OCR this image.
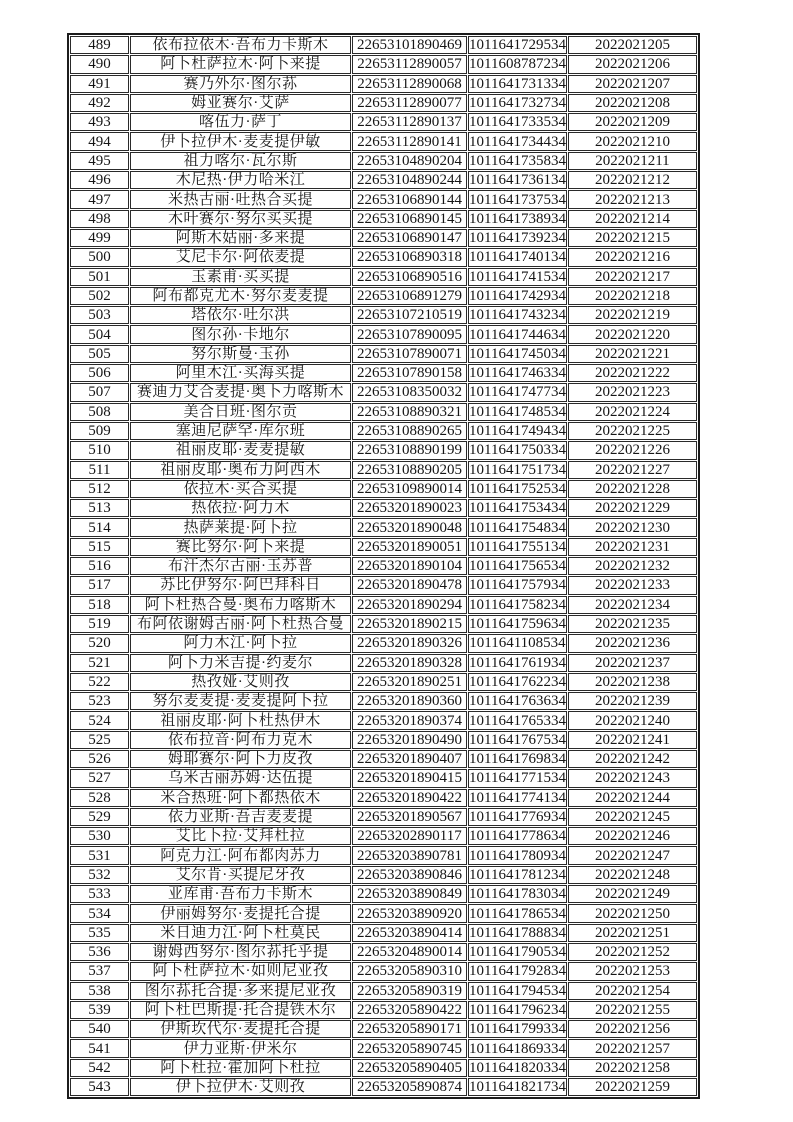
489	依布拉依木·吾布力卡斯木	22653101890469	1011641729534	2022021205
490	阿卜杜萨拉木·阿卜来提	22653112890057	1011608787234	2022021206
491	赛乃外尔·图尔荪	22653112890068	1011641731334	2022021207
492	姆亚赛尔·艾萨	22653112890077	1011641732734	2022021208
493	喀伍力·萨丁	22653112890137	1011641733534	2022021209
494	伊卜拉伊木·麦麦提伊敏	22653112890141	1011641734434	2022021210
495	祖力喀尔·瓦尔斯	22653104890204	1011641735834	2022021211
496	木尼热·伊力哈米江	22653104890244	1011641736134	2022021212
497	米热古丽·吐热合买提	22653106890144	1011641737534	2022021213
498	木叶赛尔·努尔买买提	22653106890145	1011641738934	2022021214
499	阿斯木姑丽·多来提	22653106890147	1011641739234	2022021215
500	艾尼卡尔·阿依麦提	22653106890318	1011641740134	2022021216
501	玉素甫·买买提	22653106890516	1011641741534	2022021217
502	阿布都克尤木·努尔麦麦提	22653106891279	1011641742934	2022021218
503	塔依尔·吐尔洪	22653107210519	1011641743234	2022021219
504	图尔孙·卡地尔	22653107890095	1011641744634	2022021220
505	努尔斯曼·玉孙	22653107890071	1011641745034	2022021221
506	阿里木江·买海买提	22653107890158	1011641746334	2022021222
507	赛迪力艾合麦提·奥卜力喀斯木	22653108350032	1011641747734	2022021223
508	美合日班·图尔贡	22653108890321	1011641748534	2022021224
509	塞迪尼萨罕·库尔班	22653108890265	1011641749434	2022021225
510	祖丽皮耶·麦麦提敏	22653108890199	1011641750334	2022021226
511	祖丽皮耶·奥布力阿西木	22653108890205	1011641751734	2022021227
512	依拉木·买合买提	22653109890014	1011641752534	2022021228
513	热依拉·阿力木	22653201890023	1011641753434	2022021229
514	热萨莱提·阿卜拉	22653201890048	1011641754834	2022021230
515	赛比努尔·阿卜来提	22653201890051	1011641755134	2022021231
516	布汗杰尔古丽·玉苏普	22653201890104	1011641756534	2022021232
517	苏比伊努尔·阿巴拜科日	22653201890478	1011641757934	2022021233
518	阿卜杜热合曼·奥布力喀斯木	22653201890294	1011641758234	2022021234
519	布阿依谢姆古丽·阿卜杜热合曼	22653201890215	1011641759634	2022021235
520	阿力木江·阿卜拉	22653201890326	1011641108534	2022021236
521	阿卜力米吉提·约麦尔	22653201890328	1011641761934	2022021237
522	热孜娅·艾则孜	22653201890251	1011641762234	2022021238
523	努尔麦麦提·麦麦提阿卜拉	22653201890360	1011641763634	2022021239
524	祖丽皮耶·阿卜杜热伊木	22653201890374	1011641765334	2022021240
525	依布拉音·阿布力克木	22653201890490	1011641767534	2022021241
526	姆耶赛尔·阿卜力皮孜	22653201890407	1011641769834	2022021242
527	乌米古丽苏姆·达伍提	22653201890415	1011641771534	2022021243
528	米合热班·阿卜都热依木	22653201890422	1011641774134	2022021244
529	依力亚斯·吾吉麦麦提	22653201890567	1011641776934	2022021245
530	艾比卜拉·艾拜杜拉	22653202890117	1011641778634	2022021246
531	阿克力江·阿布都肉苏力	22653203890781	1011641780934	2022021247
532	艾尔肯·买提尼牙孜	22653203890846	1011641781234	2022021248
533	亚库甫·吾布力卡斯木	22653203890849	1011641783034	2022021249
534	伊丽姆努尔·麦提托合提	22653203890920	1011641786534	2022021250
535	米日迪力江·阿卜杜莫民	22653203890414	1011641788834	2022021251
536	谢姆西努尔·图尔荪托乎提	22653204890014	1011641790534	2022021252
537	阿卜杜萨拉木·如则尼亚孜	22653205890310	1011641792834	2022021253
538	图尔荪托合提·多来提尼亚孜	22653205890319	1011641794534	2022021254
539	阿卜杜巴斯提·托合提铁木尔	22653205890422	1011641796234	2022021255
540	伊斯坎代尔·麦提托合提	22653205890171	1011641799334	2022021256
541	伊力亚斯·伊米尔	22653205890745	1011641869334	2022021257
542	阿卜杜拉·霍加阿卜杜拉	22653205890405	1011641820334	2022021258
543	伊卜拉伊木·艾则孜	22653205890874	1011641821734	2022021259
